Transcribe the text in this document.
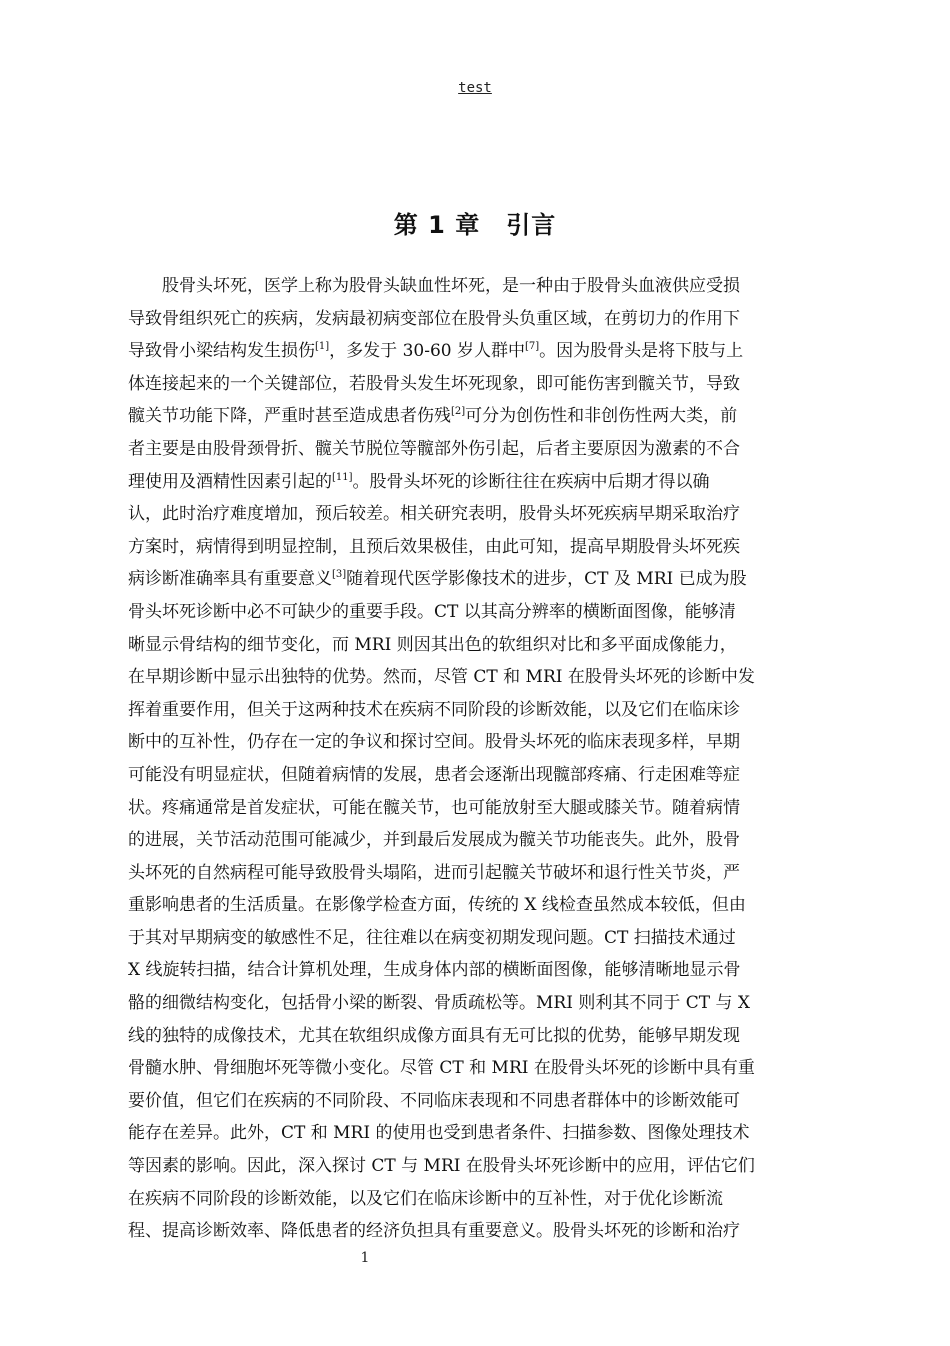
test
第 1 章 引言
股骨头坏死，医学上称为股骨头缺血性坏死，是一种由于股骨头血液供应受损
导致骨组织死亡的疾病，发病最初病变部位在股骨头负重区域，在剪切力的作用下
导致骨小梁结构发生损伤[1]，多发于 30-60 岁人群中[7]。因为股骨头是将下肢与上
体连接起来的一个关键部位，若股骨头发生坏死现象，即可能伤害到髋关节，导致
髋关节功能下降，严重时甚至造成患者伤残[2]可分为创伤性和非创伤性两大类，前
者主要是由股骨颈骨折、髋关节脱位等髋部外伤引起，后者主要原因为激素的不合
理使用及酒精性因素引起的[11]。股骨头坏死的诊断往往在疾病中后期才得以确
认，此时治疗难度增加，预后较差。相关研究表明，股骨头坏死疾病早期采取治疗
方案时，病情得到明显控制，且预后效果极佳，由此可知，提高早期股骨头坏死疾
病诊断准确率具有重要意义[3]随着现代医学影像技术的进步，CT 及 MRI 已成为股
骨头坏死诊断中必不可缺少的重要手段。CT 以其高分辨率的横断面图像，能够清
晰显示骨结构的细节变化，而 MRI 则因其出色的软组织对比和多平面成像能力，
在早期诊断中显示出独特的优势。然而，尽管 CT 和 MRI 在股骨头坏死的诊断中发
挥着重要作用，但关于这两种技术在疾病不同阶段的诊断效能，以及它们在临床诊
断中的互补性，仍存在一定的争议和探讨空间。股骨头坏死的临床表现多样，早期
可能没有明显症状，但随着病情的发展，患者会逐渐出现髋部疼痛、行走困难等症
状。疼痛通常是首发症状，可能在髋关节，也可能放射至大腿或膝关节。随着病情
的进展，关节活动范围可能减少，并到最后发展成为髋关节功能丧失。此外，股骨
头坏死的自然病程可能导致股骨头塌陷，进而引起髋关节破坏和退行性关节炎，严
重影响患者的生活质量。在影像学检查方面，传统的 X 线检查虽然成本较低，但由
于其对早期病变的敏感性不足，往往难以在病变初期发现问题。CT 扫描技术通过
X 线旋转扫描，结合计算机处理，生成身体内部的横断面图像，能够清晰地显示骨
骼的细微结构变化，包括骨小梁的断裂、骨质疏松等。MRI 则利其不同于 CT 与 X
线的独特的成像技术，尤其在软组织成像方面具有无可比拟的优势，能够早期发现
骨髓水肿、骨细胞坏死等微小变化。尽管 CT 和 MRI 在股骨头坏死的诊断中具有重
要价值，但它们在疾病的不同阶段、不同临床表现和不同患者群体中的诊断效能可
能存在差异。此外，CT 和 MRI 的使用也受到患者条件、扫描参数、图像处理技术
等因素的影响。因此，深入探讨 CT 与 MRI 在股骨头坏死诊断中的应用，评估它们
在疾病不同阶段的诊断效能，以及它们在临床诊断中的互补性，对于优化诊断流
程、提高诊断效率、降低患者的经济负担具有重要意义。股骨头坏死的诊断和治疗
1
